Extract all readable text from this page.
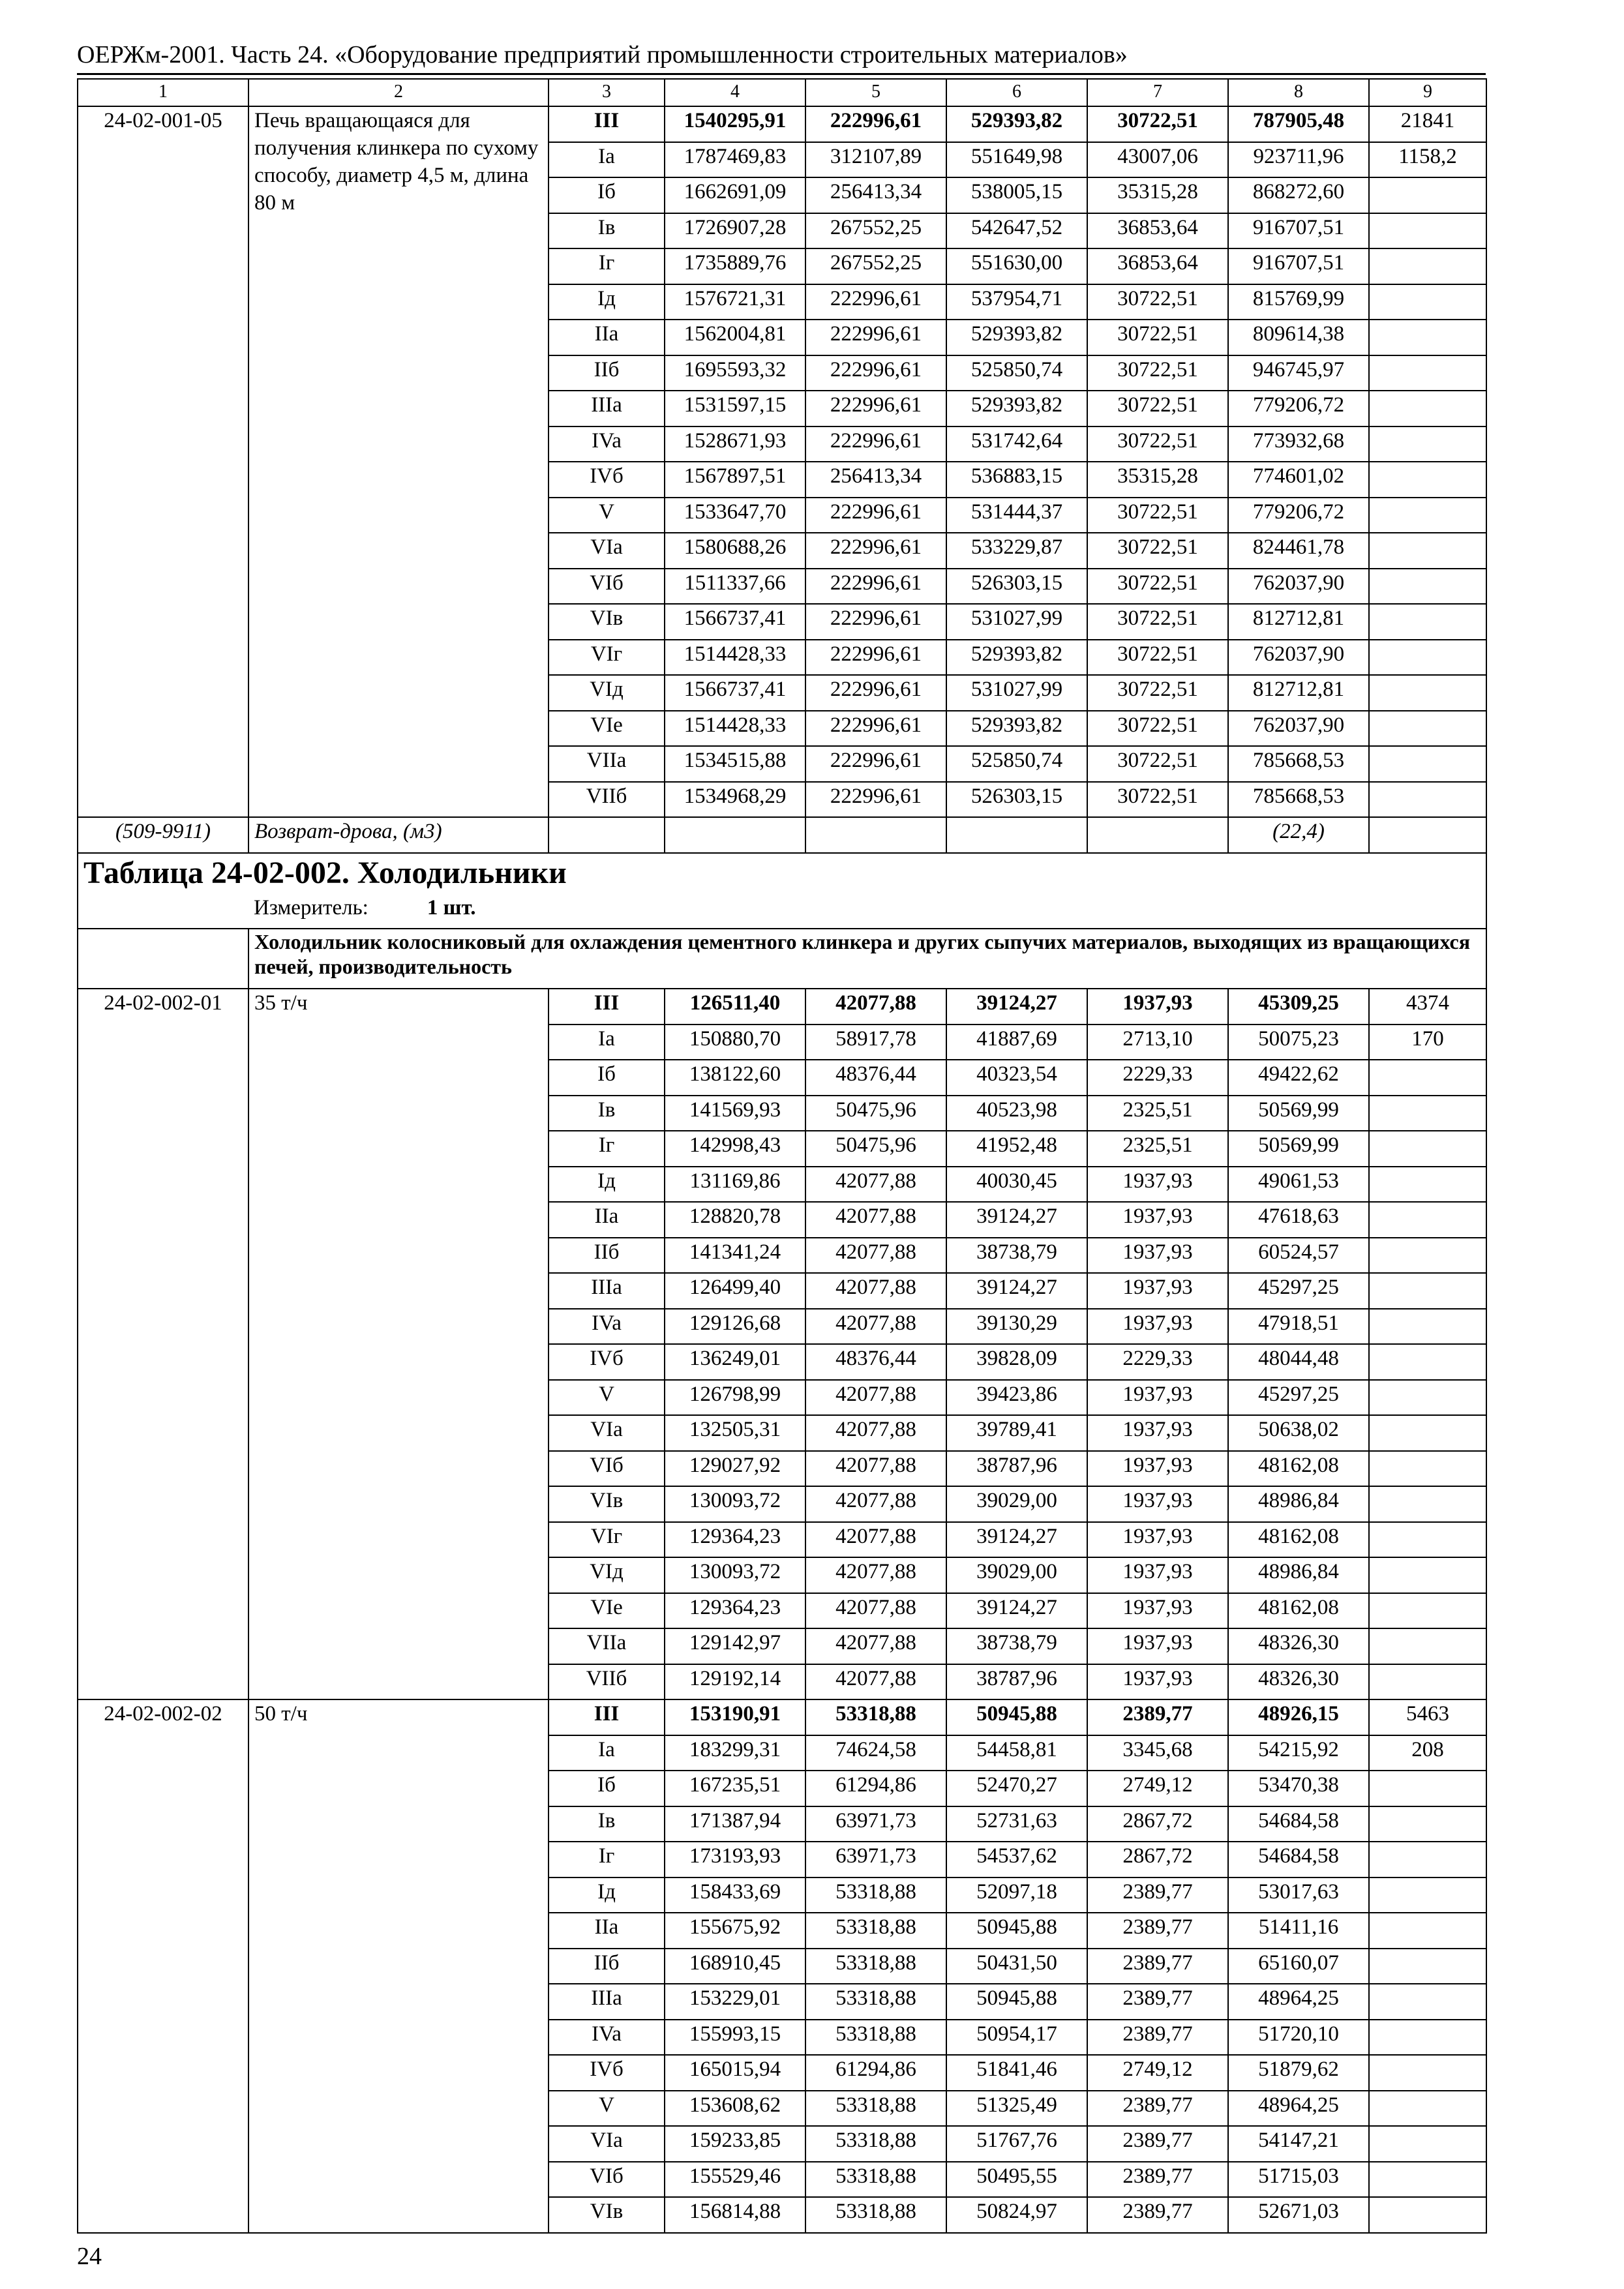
ОЕРЖм-2001. Часть 24. «Оборудование предприятий промышленности строительных материалов»
1	2	3	4	5	6	7	8	9
24-02-001-05	Печь вращающаяся для получения клинкера по сухому способу, диаметр 4,5 м, длина 80 м	III	1540295,91	222996,61	529393,82	30722,51	787905,48	21841
		Ia	1787469,83	312107,89	551649,98	43007,06	923711,96	1158,2
		Iб	1662691,09	256413,34	538005,15	35315,28	868272,60	
		Iв	1726907,28	267552,25	542647,52	36853,64	916707,51	
		Iг	1735889,76	267552,25	551630,00	36853,64	916707,51	
		Iд	1576721,31	222996,61	537954,71	30722,51	815769,99	
		IIa	1562004,81	222996,61	529393,82	30722,51	809614,38	
		IIб	1695593,32	222996,61	525850,74	30722,51	946745,97	
		IIIa	1531597,15	222996,61	529393,82	30722,51	779206,72	
		IVa	1528671,93	222996,61	531742,64	30722,51	773932,68	
		IVб	1567897,51	256413,34	536883,15	35315,28	774601,02	
		V	1533647,70	222996,61	531444,37	30722,51	779206,72	
		VIa	1580688,26	222996,61	533229,87	30722,51	824461,78	
		VIб	1511337,66	222996,61	526303,15	30722,51	762037,90	
		VIв	1566737,41	222996,61	531027,99	30722,51	812712,81	
		VIг	1514428,33	222996,61	529393,82	30722,51	762037,90	
		VIд	1566737,41	222996,61	531027,99	30722,51	812712,81	
		VIe	1514428,33	222996,61	529393,82	30722,51	762037,90	
		VIIa	1534515,88	222996,61	525850,74	30722,51	785668,53	
		VIIб	1534968,29	222996,61	526303,15	30722,51	785668,53	
(509-9911)	Возврат-дрова, (м3)						(22,4)	
Таблица 24-02-002. Холодильники								
	Измеритель: 1 шт.							
	Холодильник колосниковый для охлаждения цементного клинкера и других сыпучих материалов, выходящих из вращающихся печей, производительность							
24-02-002-01	35 т/ч	III	126511,40	42077,88	39124,27	1937,93	45309,25	4374
		Ia	150880,70	58917,78	41887,69	2713,10	50075,23	170
		Iб	138122,60	48376,44	40323,54	2229,33	49422,62	
		Iв	141569,93	50475,96	40523,98	2325,51	50569,99	
		Iг	142998,43	50475,96	41952,48	2325,51	50569,99	
		Iд	131169,86	42077,88	40030,45	1937,93	49061,53	
		IIa	128820,78	42077,88	39124,27	1937,93	47618,63	
		IIб	141341,24	42077,88	38738,79	1937,93	60524,57	
		IIIa	126499,40	42077,88	39124,27	1937,93	45297,25	
		IVa	129126,68	42077,88	39130,29	1937,93	47918,51	
		IVб	136249,01	48376,44	39828,09	2229,33	48044,48	
		V	126798,99	42077,88	39423,86	1937,93	45297,25	
		VIa	132505,31	42077,88	39789,41	1937,93	50638,02	
		VIб	129027,92	42077,88	38787,96	1937,93	48162,08	
		VIв	130093,72	42077,88	39029,00	1937,93	48986,84	
		VIг	129364,23	42077,88	39124,27	1937,93	48162,08	
		VIд	130093,72	42077,88	39029,00	1937,93	48986,84	
		VIe	129364,23	42077,88	39124,27	1937,93	48162,08	
		VIIa	129142,97	42077,88	38738,79	1937,93	48326,30	
		VIIб	129192,14	42077,88	38787,96	1937,93	48326,30	
24-02-002-02	50 т/ч	III	153190,91	53318,88	50945,88	2389,77	48926,15	5463
		Ia	183299,31	74624,58	54458,81	3345,68	54215,92	208
		Iб	167235,51	61294,86	52470,27	2749,12	53470,38	
		Iв	171387,94	63971,73	52731,63	2867,72	54684,58	
		Iг	173193,93	63971,73	54537,62	2867,72	54684,58	
		Iд	158433,69	53318,88	52097,18	2389,77	53017,63	
		IIa	155675,92	53318,88	50945,88	2389,77	51411,16	
		IIб	168910,45	53318,88	50431,50	2389,77	65160,07	
		IIIa	153229,01	53318,88	50945,88	2389,77	48964,25	
		IVa	155993,15	53318,88	50954,17	2389,77	51720,10	
		IVб	165015,94	61294,86	51841,46	2749,12	51879,62	
		V	153608,62	53318,88	51325,49	2389,77	48964,25	
		VIa	159233,85	53318,88	51767,76	2389,77	54147,21	
		VIб	155529,46	53318,88	50495,55	2389,77	51715,03	
		VIв	156814,88	53318,88	50824,97	2389,77	52671,03	
24
